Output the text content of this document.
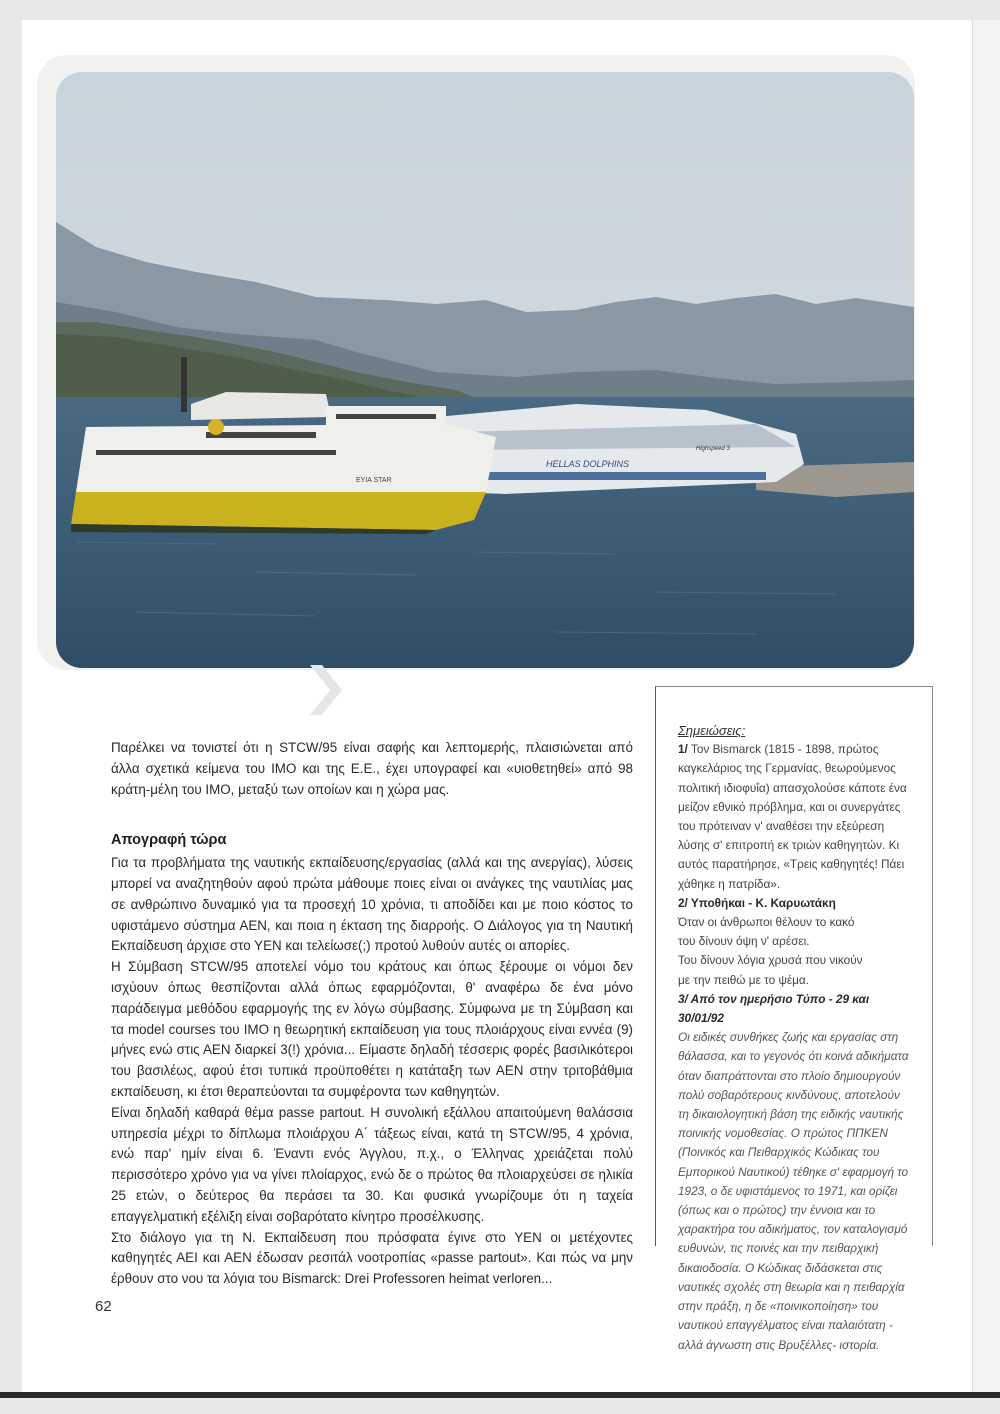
HELLAS DOLPHINS
Highspeed 3
ΕΥΙΑ STAR

Παρέλκει να τονιστεί ότι η STCW/95 είναι σαφής και λεπτομερής, πλαισιώνεται από άλλα σχετικά κείμενα του IMO και της Ε.Ε., έχει υπογραφεί και «υιοθετηθεί» από 98 κράτη-μέλη του ΙΜΟ, μεταξύ των οποίων και η χώρα μας.

Απογραφή τώρα

Για τα προβλήματα της ναυτικής εκπαίδευσης/εργασίας (αλλά και της ανεργίας), λύσεις μπορεί να αναζητηθούν αφού πρώτα μάθουμε ποιες είναι οι ανάγκες της ναυτιλίας μας σε ανθρώπινο δυναμικό για τα προσεχή 10 χρόνια, τι αποδίδει και με ποιο κόστος το υφιστάμενο σύστημα ΑΕΝ, και ποια η έκταση της διαρροής. Ο Διάλογος για τη Ναυτική Εκπαίδευση άρχισε στο ΥΕΝ και τελείωσε(;) προτού λυθούν αυτές οι απορίες.

Η Σύμβαση STCW/95 αποτελεί νόμο του κράτους και όπως ξέρουμε οι νόμοι δεν ισχύουν όπως θεσπίζονται αλλά όπως εφαρμόζονται, θ' αναφέρω δε ένα μόνο παράδειγμα μεθόδου εφαρμογής της εν λόγω σύμβασης. Σύμφωνα με τη Σύμβαση και τα model courses του IMO η θεωρητική εκπαίδευση για τους πλοιάρχους είναι εννέα (9) μήνες ενώ στις ΑΕΝ διαρκεί 3(!) χρόνια... Είμαστε δηλαδή τέσσερις φορές βασιλικότεροι του βασιλέως, αφού έτσι τυπικά προϋποθέτει η κατάταξη των ΑΕΝ στην τριτοβάθμια εκπαίδευση, κι έτσι θεραπεύονται τα συμφέροντα των καθηγητών.

Είναι δηλαδή καθαρά θέμα passe partout. Η συνολική εξάλλου απαιτούμενη θαλάσσια υπηρεσία μέχρι το δίπλωμα πλοιάρχου Α΄ τάξεως είναι, κατά τη STCW/95, 4 χρόνια, ενώ παρ' ημίν είναι 6. Έναντι ενός Άγγλου, π.χ., ο Έλληνας χρειάζεται πολύ περισσότερο χρόνο για να γίνει πλοίαρχος, ενώ δε ο πρώτος θα πλοιαρχεύσει σε ηλικία 25 ετών, ο δεύτερος θα περάσει τα 30. Και φυσικά γνωρίζουμε ότι η ταχεία επαγγελματική εξέλιξη είναι σοβαρότατο κίνητρο προσέλκυσης.

Στο διάλογο για τη Ν. Εκπαίδευση που πρόσφατα έγινε στο ΥΕΝ οι μετέχοντες καθηγητές ΑΕΙ και ΑΕΝ έδωσαν ρεσιτάλ νοοτροπίας «passe partout». Και πώς να μην έρθουν στο νου τα λόγια του Bismarck: Drei Professoren heimat verloren...

Σημειώσεις:

1/ Τον Bismarck (1815 - 1898, πρώτος καγκελάριος της Γερμανίας, θεωρούμενος πολιτική ιδιοφυΐα) απασχολούσε κάποτε ένα μείζον εθνικό πρόβλημα, και οι συνεργάτες του πρότειναν ν' αναθέσει την εξεύρεση λύσης σ' επιτροπή εκ τριών καθηγητών. Κι αυτός παρατήρησε, «Τρεις καθηγητές! Πάει χάθηκε η πατρίδα».

2/ Υποθήκαι - Κ. Καρυωτάκη

Όταν οι άνθρωποι θέλουν το κακό

του δίνουν όψη ν' αρέσει.

Του δίνουν λόγια χρυσά που νικούν

με την πειθώ με το ψέμα.

3/ Από τον ημερήσιο Τύπο - 29 και 30/01/92

Οι ειδικές συνθήκες ζωής και εργασίας στη θάλασσα, και το γεγονός ότι κοινά αδικήματα όταν διαπράττονται στο πλοίο δημιουργούν πολύ σοβαρότερους κινδύνους, αποτελούν τη δικαιολογητική βάση της ειδικής ναυτικής ποινικής νομοθεσίας. Ο πρώτος ΠΠΚΕΝ (Ποινικός και Πειθαρχικός Κώδικας του Εμπορικού Ναυτικού) τέθηκε σ' εφαρμογή το 1923, ο δε υφιστάμενος το 1971, και ορίζει (όπως και ο πρώτος) την έννοια και το χαρακτήρα του αδικήματος, τον καταλογισμό ευθυνών, τις ποινές και την πειθαρχική δικαιοδοσία. Ο Κώδικας διδάσκεται στις ναυτικές σχολές στη θεωρία και η πειθαρχία στην πράξη, η δε «ποινικοποίηση» του ναυτικού επαγγέλματος είναι παλαιότατη - αλλά άγνωστη στις Βρυξέλλες- ιστορία.

62
